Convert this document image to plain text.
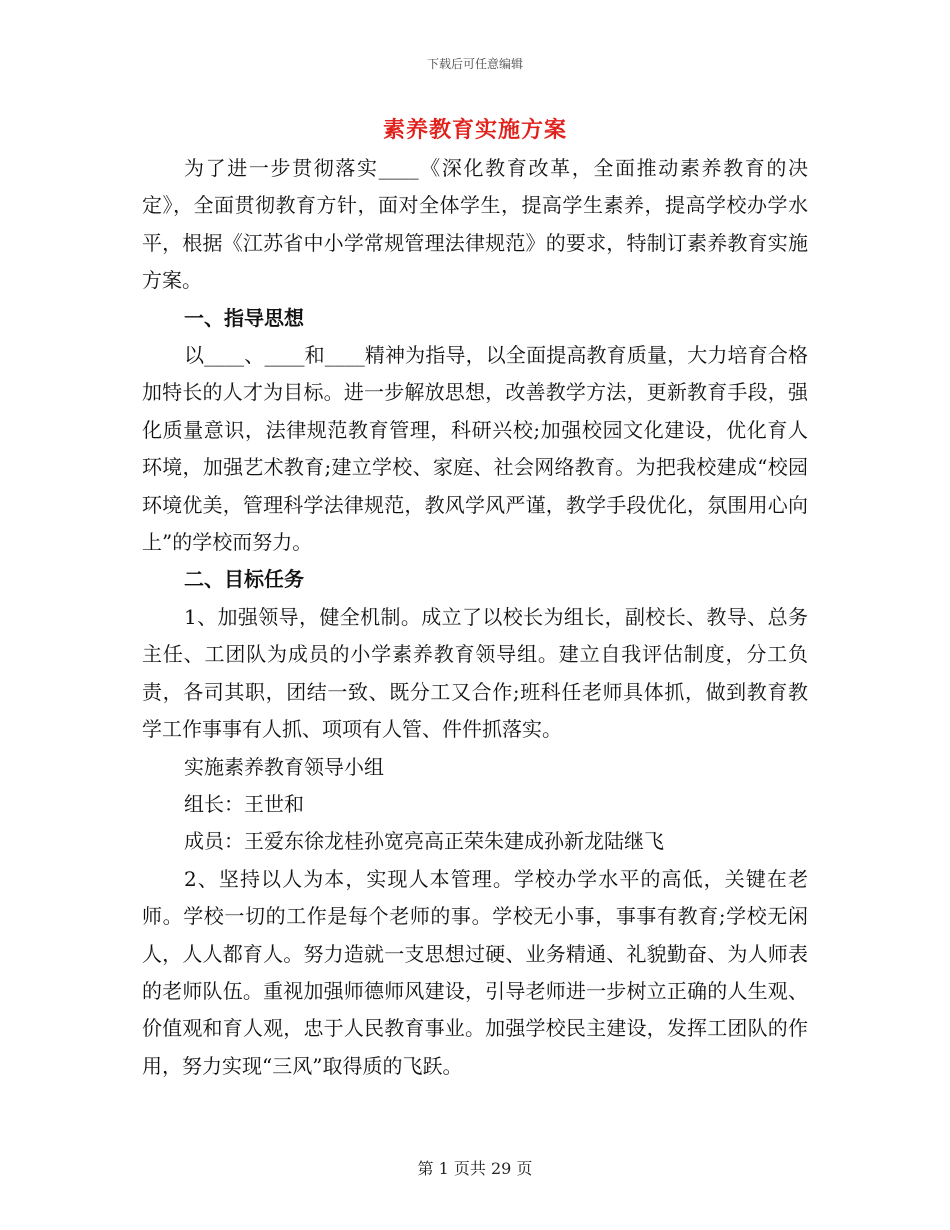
下载后可任意编辑
素养教育实施方案

为了进一步贯彻落实____《深化教育改革，全面推动素养教育的决定》，全面贯彻教育方针，面对全体学生，提高学生素养，提高学校办学水平，根据《江苏省中小学常规管理法律规范》的要求，特制订素养教育实施方案。

一、指导思想

以____、____和____精神为指导，以全面提高教育质量，大力培育合格加特长的人才为目标。进一步解放思想，改善教学方法，更新教育手段，强化质量意识，法律规范教育管理，科研兴校;加强校园文化建设，优化育人环境，加强艺术教育;建立学校、家庭、社会网络教育。为把我校建成“校园环境优美，管理科学法律规范，教风学风严谨，教学手段优化，氛围用心向上”的学校而努力。

二、目标任务

1、加强领导，健全机制。成立了以校长为组长，副校长、教导、总务主任、工团队为成员的小学素养教育领导组。建立自我评估制度，分工负责，各司其职，团结一致、既分工又合作;班科任老师具体抓，做到教育教学工作事事有人抓、项项有人管、件件抓落实。

实施素养教育领导小组

组长：王世和

成员：王爱东徐龙桂孙宽亮高正荣朱建成孙新龙陆继飞

2、坚持以人为本，实现人本管理。学校办学水平的高低，关键在老师。学校一切的工作是每个老师的事。学校无小事，事事有教育;学校无闲人，人人都育人。努力造就一支思想过硬、业务精通、礼貌勤奋、为人师表的老师队伍。重视加强师德师风建设，引导老师进一步树立正确的人生观、价值观和育人观，忠于人民教育事业。加强学校民主建设，发挥工团队的作用，努力实现“三风”取得质的飞跃。

第 1 页共 29 页
